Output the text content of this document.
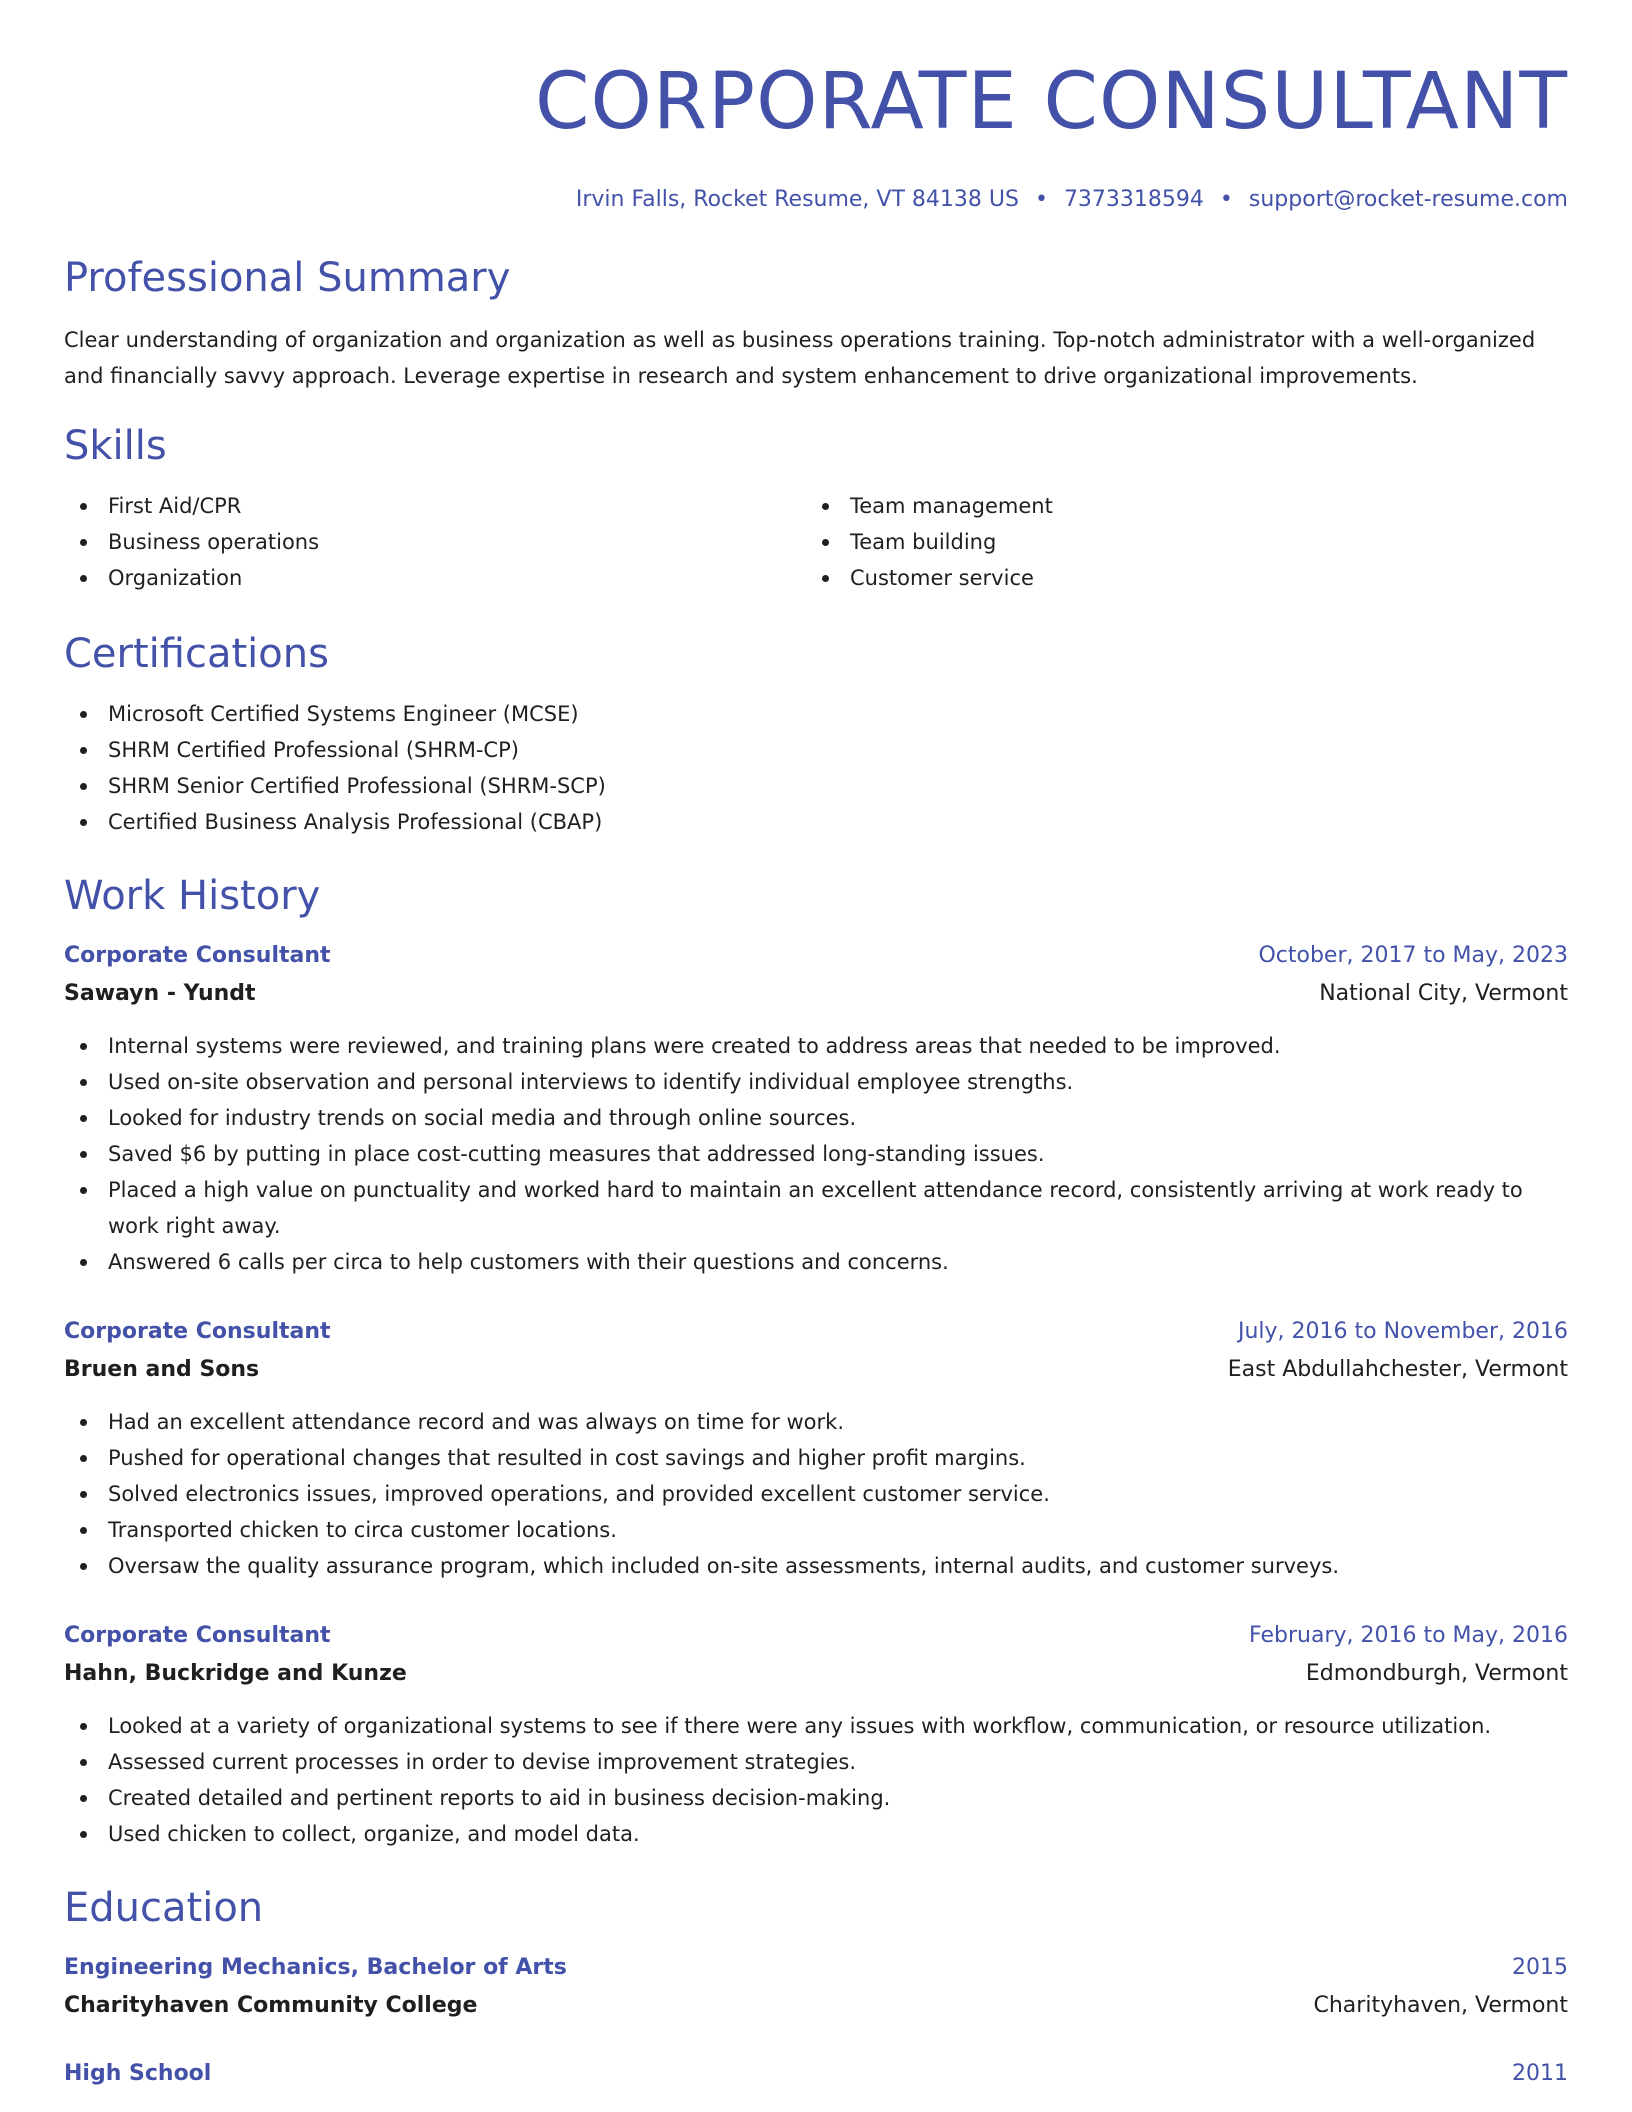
CORPORATE CONSULTANT
Irvin Falls, Rocket Resume, VT 84138 US • 7373318594 • support@rocket-resume.com
Professional Summary

Clear understanding of organization and organization as well as business operations training. Top-notch administrator with a well-organized and financially savvy approach. Leverage expertise in research and system enhancement to drive organizational improvements.

Skills
First Aid/CPR
Business operations
Organization
Team management
Team building
Customer service
Certifications
Microsoft Certified Systems Engineer (MCSE)
SHRM Certified Professional (SHRM-CP)
SHRM Senior Certified Professional (SHRM-SCP)
Certified Business Analysis Professional (CBAP)
Work History
Corporate Consultant	October, 2017 to May, 2023
Sawayn - Yundt	National City, Vermont
Internal systems were reviewed, and training plans were created to address areas that needed to be improved.
Used on-site observation and personal interviews to identify individual employee strengths.
Looked for industry trends on social media and through online sources.
Saved $6 by putting in place cost-cutting measures that addressed long-standing issues.
Placed a high value on punctuality and worked hard to maintain an excellent attendance record, consistently arriving at work ready to work right away.
Answered 6 calls per circa to help customers with their questions and concerns.
Corporate Consultant	July, 2016 to November, 2016
Bruen and Sons	East Abdullahchester, Vermont
Had an excellent attendance record and was always on time for work.
Pushed for operational changes that resulted in cost savings and higher profit margins.
Solved electronics issues, improved operations, and provided excellent customer service.
Transported chicken to circa customer locations.
Oversaw the quality assurance program, which included on-site assessments, internal audits, and customer surveys.
Corporate Consultant	February, 2016 to May, 2016
Hahn, Buckridge and Kunze	Edmondburgh, Vermont
Looked at a variety of organizational systems to see if there were any issues with workflow, communication, or resource utilization.
Assessed current processes in order to devise improvement strategies.
Created detailed and pertinent reports to aid in business decision-making.
Used chicken to collect, organize, and model data.
Education
Engineering Mechanics, Bachelor of Arts	2015
Charityhaven Community College	Charityhaven, Vermont
High School	2011
